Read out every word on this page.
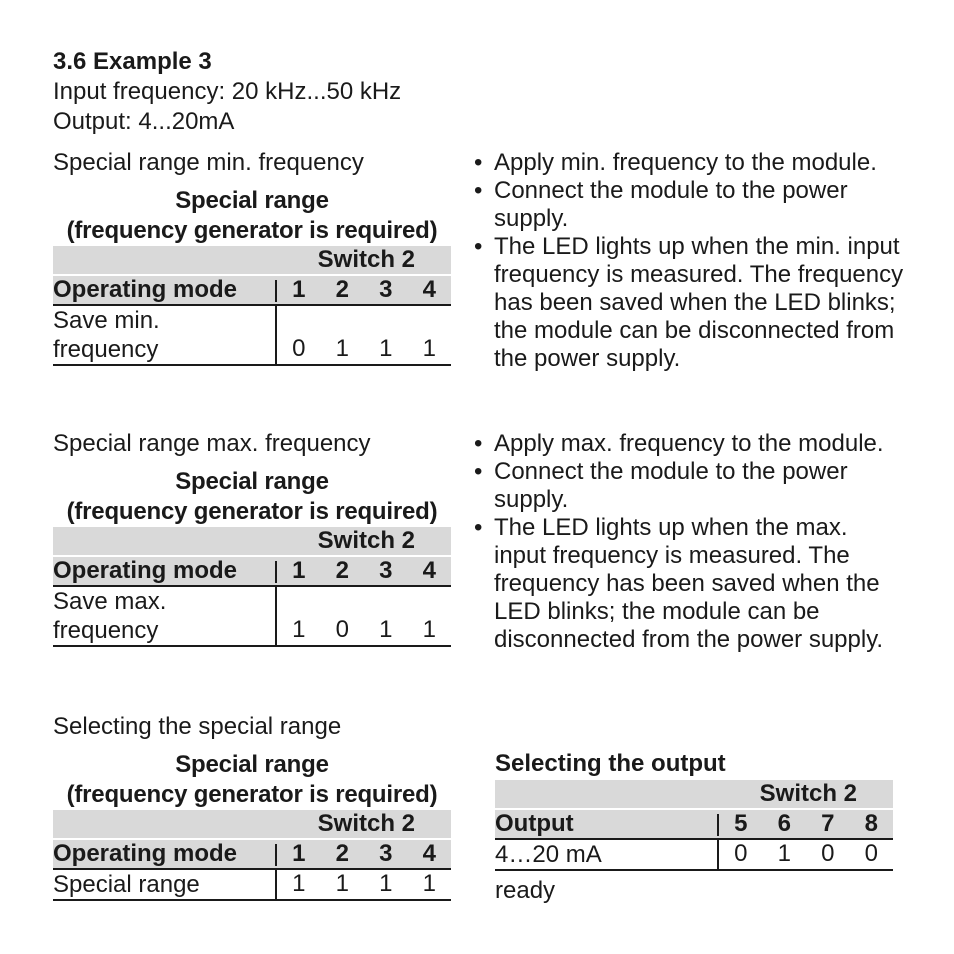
3.6 Example 3
Input frequency: 20 kHz...50 kHz
Output: 4...20mA
Special range min. frequency
Special range
(frequency generator is required)
Switch 2
Operating mode	1	2	3	4
Save min.
frequency	0	1	1	1
• Apply min. frequency to the module.
• Connect the module to the power supply.
• The LED lights up when the min. input frequency is measured. The frequency has been saved when the LED blinks; the module can be disconnected from the power supply.
Special range max. frequency
Special range
(frequency generator is required)
Switch 2
Operating mode	1	2	3	4
Save max.
frequency	1	0	1	1
• Apply max. frequency to the module.
• Connect the module to the power supply.
• The LED lights up when the max. input frequency is measured. The frequency has been saved when the LED blinks; the module can be disconnected from the power supply.
Selecting the special range
Special range
(frequency generator is required)
Switch 2
Operating mode	1	2	3	4
Special range	1	1	1	1
Selecting the output
Switch 2
Output	5	6	7	8
4…20 mA	0	1	0	0
ready
